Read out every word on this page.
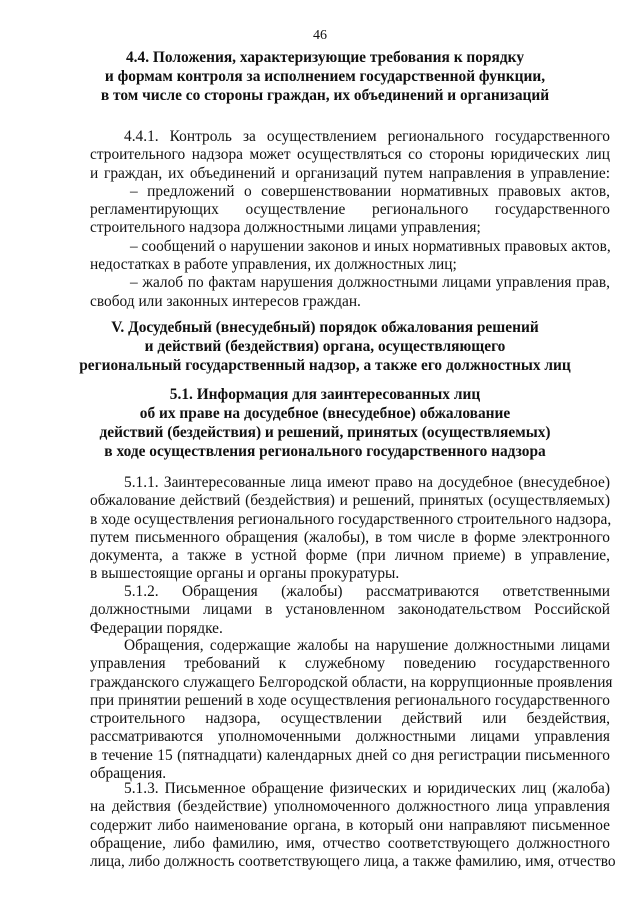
46
4.4. Положения, характеризующие требования к порядку
и формам контроля за исполнением государственной функции,
в том числе со стороны граждан, их объединений и организаций
4.4.1. Контроль за осуществлением регионального государственного
строительного надзора может осуществляться со стороны юридических лиц
и граждан, их объединений и организаций путем направления в управление:
– предложений о совершенствовании нормативных правовых актов,
регламентирующих осуществление регионального государственного
строительного надзора должностными лицами управления;
– сообщений о нарушении законов и иных нормативных правовых актов,
недостатках в работе управления, их должностных лиц;
– жалоб по фактам нарушения должностными лицами управления прав,
свобод или законных интересов граждан.
V. Досудебный (внесудебный) порядок обжалования решений
и действий (бездействия) органа, осуществляющего
региональный государственный надзор, а также его должностных лиц
5.1. Информация для заинтересованных лиц
об их праве на досудебное (внесудебное) обжалование
действий (бездействия) и решений, принятых (осуществляемых)
в ходе осуществления регионального государственного надзора
5.1.1. Заинтересованные лица имеют право на досудебное (внесудебное)
обжалование действий (бездействия) и решений, принятых (осуществляемых)
в ходе осуществления регионального государственного строительного надзора,
путем письменного обращения (жалобы), в том числе в форме электронного
документа, а также в устной форме (при личном приеме) в управление,
в вышестоящие органы и органы прокуратуры.
5.1.2. Обращения (жалобы) рассматриваются ответственными
должностными лицами в установленном законодательством Российской
Федерации порядке.
Обращения, содержащие жалобы на нарушение должностными лицами
управления требований к служебному поведению государственного
гражданского служащего Белгородской области, на коррупционные проявления
при принятии решений в ходе осуществления регионального государственного
строительного надзора, осуществлении действий или бездействия,
рассматриваются уполномоченными должностными лицами управления
в течение 15 (пятнадцати) календарных дней со дня регистрации письменного
обращения.
5.1.3. Письменное обращение физических и юридических лиц (жалоба)
на действия (бездействие) уполномоченного должностного лица управления
содержит либо наименование органа, в который они направляют письменное
обращение, либо фамилию, имя, отчество соответствующего должностного
лица, либо должность соответствующего лица, а также фамилию, имя, отчество
